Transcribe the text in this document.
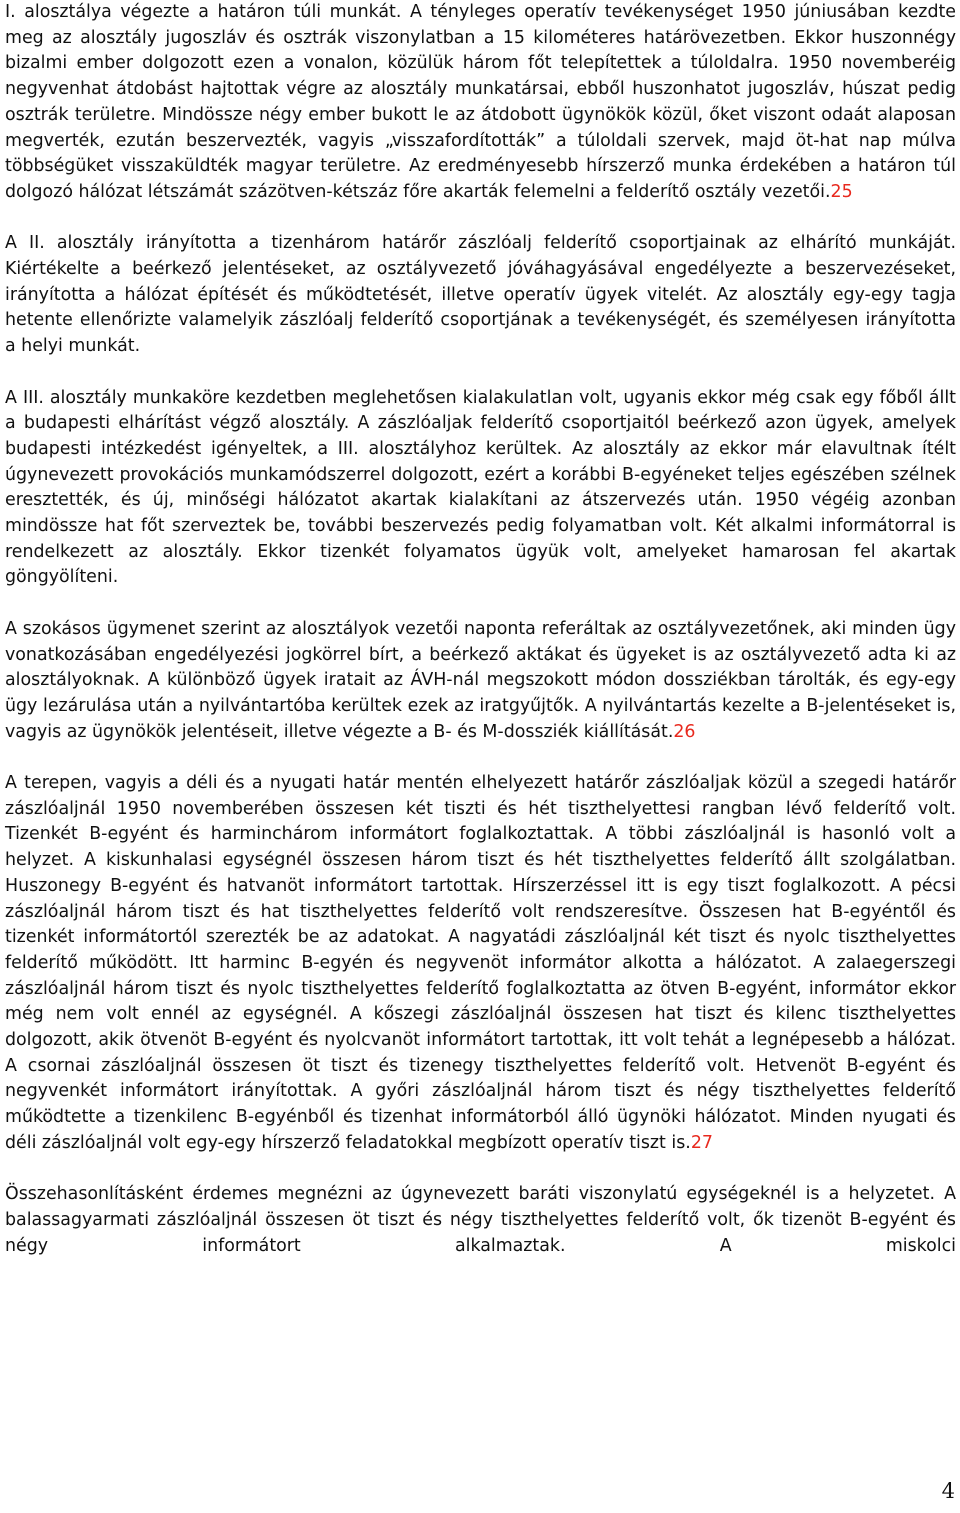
I. alosztálya végezte a határon túli munkát. A tényleges operatív tevékenységet 1950 júniusában kezdte meg az alosztály jugoszláv és osztrák viszonylatban a 15 kilométeres határövezetben. Ekkor huszonnégy bizalmi ember dolgozott ezen a vonalon, közülük három főt telepítettek a túloldalra. 1950 novemberéig negyvenhat átdobást hajtottak végre az alosztály munkatársai, ebből huszonhatot jugoszláv, húszat pedig osztrák területre. Mindössze négy ember bukott le az átdobott ügynökök közül, őket viszont odaát alaposan megverték, ezután beszervezték, vagyis „visszafordították” a túloldali szervek, majd öt-hat nap múlva többségüket visszaküldték magyar területre. Az eredményesebb hírszerző munka érdekében a határon túl dolgozó hálózat létszámát százötven-kétszáz főre akarták felemelni a felderítő osztály vezetői.25

A II. alosztály irányította a tizenhárom határőr zászlóalj felderítő csoportjainak az elhárító munkáját. Kiértékelte a beérkező jelentéseket, az osztályvezető jóváhagyásával engedélyezte a beszervezéseket, irányította a hálózat építését és működtetését, illetve operatív ügyek vitelét. Az alosztály egy-egy tagja hetente ellenőrizte valamelyik zászlóalj felderítő csoportjának a tevékenységét, és személyesen irányította a helyi munkát.

A III. alosztály munkaköre kezdetben meglehetősen kialakulatlan volt, ugyanis ekkor még csak egy főből állt a budapesti elhárítást végző alosztály. A zászlóaljak felderítő csoportjaitól beérkező azon ügyek, amelyek budapesti intézkedést igényeltek, a III. alosztályhoz kerültek. Az alosztály az ekkor már elavultnak ítélt úgynevezett provokációs munkamódszerrel dolgozott, ezért a korábbi B-egyéneket teljes egészében szélnek eresztették, és új, minőségi hálózatot akartak kialakítani az átszervezés után. 1950 végéig azonban mindössze hat főt szerveztek be, további beszervezés pedig folyamatban volt. Két alkalmi informátorral is rendelkezett az alosztály. Ekkor tizenkét folyamatos ügyük volt, amelyeket hamarosan fel akartak göngyölíteni.

A szokásos ügymenet szerint az alosztályok vezetői naponta referáltak az osztályvezetőnek, aki minden ügy vonatkozásában engedélyezési jogkörrel bírt, a beérkező aktákat és ügyeket is az osztályvezető adta ki az alosztályoknak. A különböző ügyek iratait az ÁVH-nál megszokott módon dossziékban tárolták, és egy-egy ügy lezárulása után a nyilvántartóba kerültek ezek az iratgyűjtők. A nyilvántartás kezelte a B-jelentéseket is, vagyis az ügynökök jelentéseit, illetve végezte a B- és M-dossziék kiállítását.26

A terepen, vagyis a déli és a nyugati határ mentén elhelyezett határőr zászlóaljak közül a szegedi határőr zászlóaljnál 1950 novemberében összesen két tiszti és hét tiszthelyettesi rangban lévő felderítő volt. Tizenkét B-egyént és harminchárom informátort foglalkoztattak. A többi zászlóaljnál is hasonló volt a helyzet. A kiskunhalasi egységnél összesen három tiszt és hét tiszthelyettes felderítő állt szolgálatban. Huszonegy B-egyént és hatvanöt informátort tartottak. Hírszerzéssel itt is egy tiszt foglalkozott. A pécsi zászlóaljnál három tiszt és hat tiszthelyettes felderítő volt rendszeresítve. Összesen hat B-egyéntől és tizenkét informátortól szerezték be az adatokat. A nagyatádi zászlóaljnál két tiszt és nyolc tiszthelyettes felderítő működött. Itt harminc B-egyén és negyvenöt informátor alkotta a hálózatot. A zalaegerszegi zászlóaljnál három tiszt és nyolc tiszthelyettes felderítő foglalkoztatta az ötven B-egyént, informátor ekkor még nem volt ennél az egységnél. A kőszegi zászlóaljnál összesen hat tiszt és kilenc tiszthelyettes dolgozott, akik ötvenöt B-egyént és nyolcvanöt informátort tartottak, itt volt tehát a legnépesebb a hálózat. A csornai zászlóaljnál összesen öt tiszt és tizenegy tiszthelyettes felderítő volt. Hetvenöt B-egyént és negyvenkét informátort irányítottak. A győri zászlóaljnál három tiszt és négy tiszthelyettes felderítő működtette a tizenkilenc B-egyénből és tizenhat informátorból álló ügynöki hálózatot. Minden nyugati és déli zászlóaljnál volt egy-egy hírszerző feladatokkal megbízott operatív tiszt is.27

Összehasonlításként érdemes megnézni az úgynevezett baráti viszonylatú egységeknél is a helyzetet. A balassagyarmati zászlóaljnál összesen öt tiszt és négy tiszthelyettes felderítő volt, ők tizenöt B-egyént és négy informátort alkalmaztak. A miskolci

4
